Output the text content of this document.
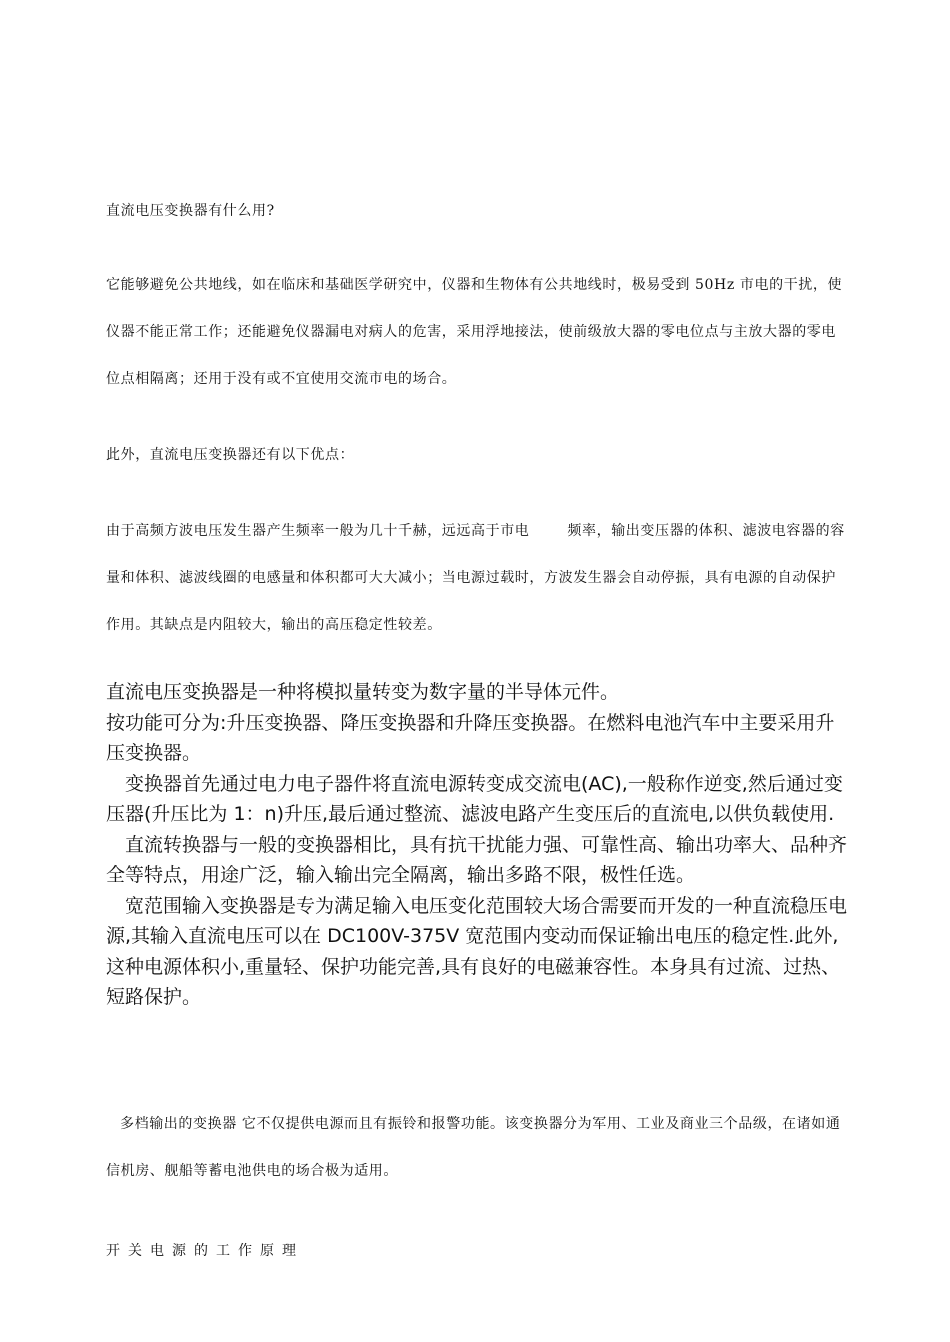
直流电压变换器有什么用?

它能够避免公共地线，如在临床和基础医学研究中，仪器和生物体有公共地线时，极易受到 50Hz 市电的干扰，使仪器不能正常工作；还能避免仪器漏电对病人的危害，采用浮地接法，使前级放大器的零电位点与主放大器的零电位点相隔离；还用于没有或不宜使用交流市电的场合。

此外，直流电压变换器还有以下优点：

由于高频方波电压发生器产生频率一般为几十千赫，远远高于市电	频率，输出变压器的体积、滤波电容器的容量和体积、滤波线圈的电感量和体积都可大大减小；当电源过载时，方波发生器会自动停振，具有电源的自动保护作用。其缺点是内阻较大，输出的高压稳定性较差。

直流电压变换器是一种将模拟量转变为数字量的半导体元件。

按功能可分为:升压变换器、降压变换器和升降压变换器。在燃料电池汽车中主要采用升压变换器。

变换器首先通过电力电子器件将直流电源转变成交流电(AC),一般称作逆变,然后通过变压器(升压比为 1：n)升压,最后通过整流、滤波电路产生变压后的直流电,以供负载使用.

直流转换器与一般的变换器相比，具有抗干扰能力强、可靠性高、输出功率大、品种齐全等特点，用途广泛，输入输出完全隔离，输出多路不限，极性任选。

宽范围输入变换器是专为满足输入电压变化范围较大场合需要而开发的一种直流稳压电源,其输入直流电压可以在 DC100V-375V 宽范围内变动而保证输出电压的稳定性.此外,这种电源体积小,重量轻、保护功能完善,具有良好的电磁兼容性。本身具有过流、过热、短路保护。

多档输出的变换器 它不仅提供电源而且有振铃和报警功能。该变换器分为军用、工业及商业三个品级，在诸如通信机房、舰船等蓄电池供电的场合极为适用。

开关电源的工作原理
